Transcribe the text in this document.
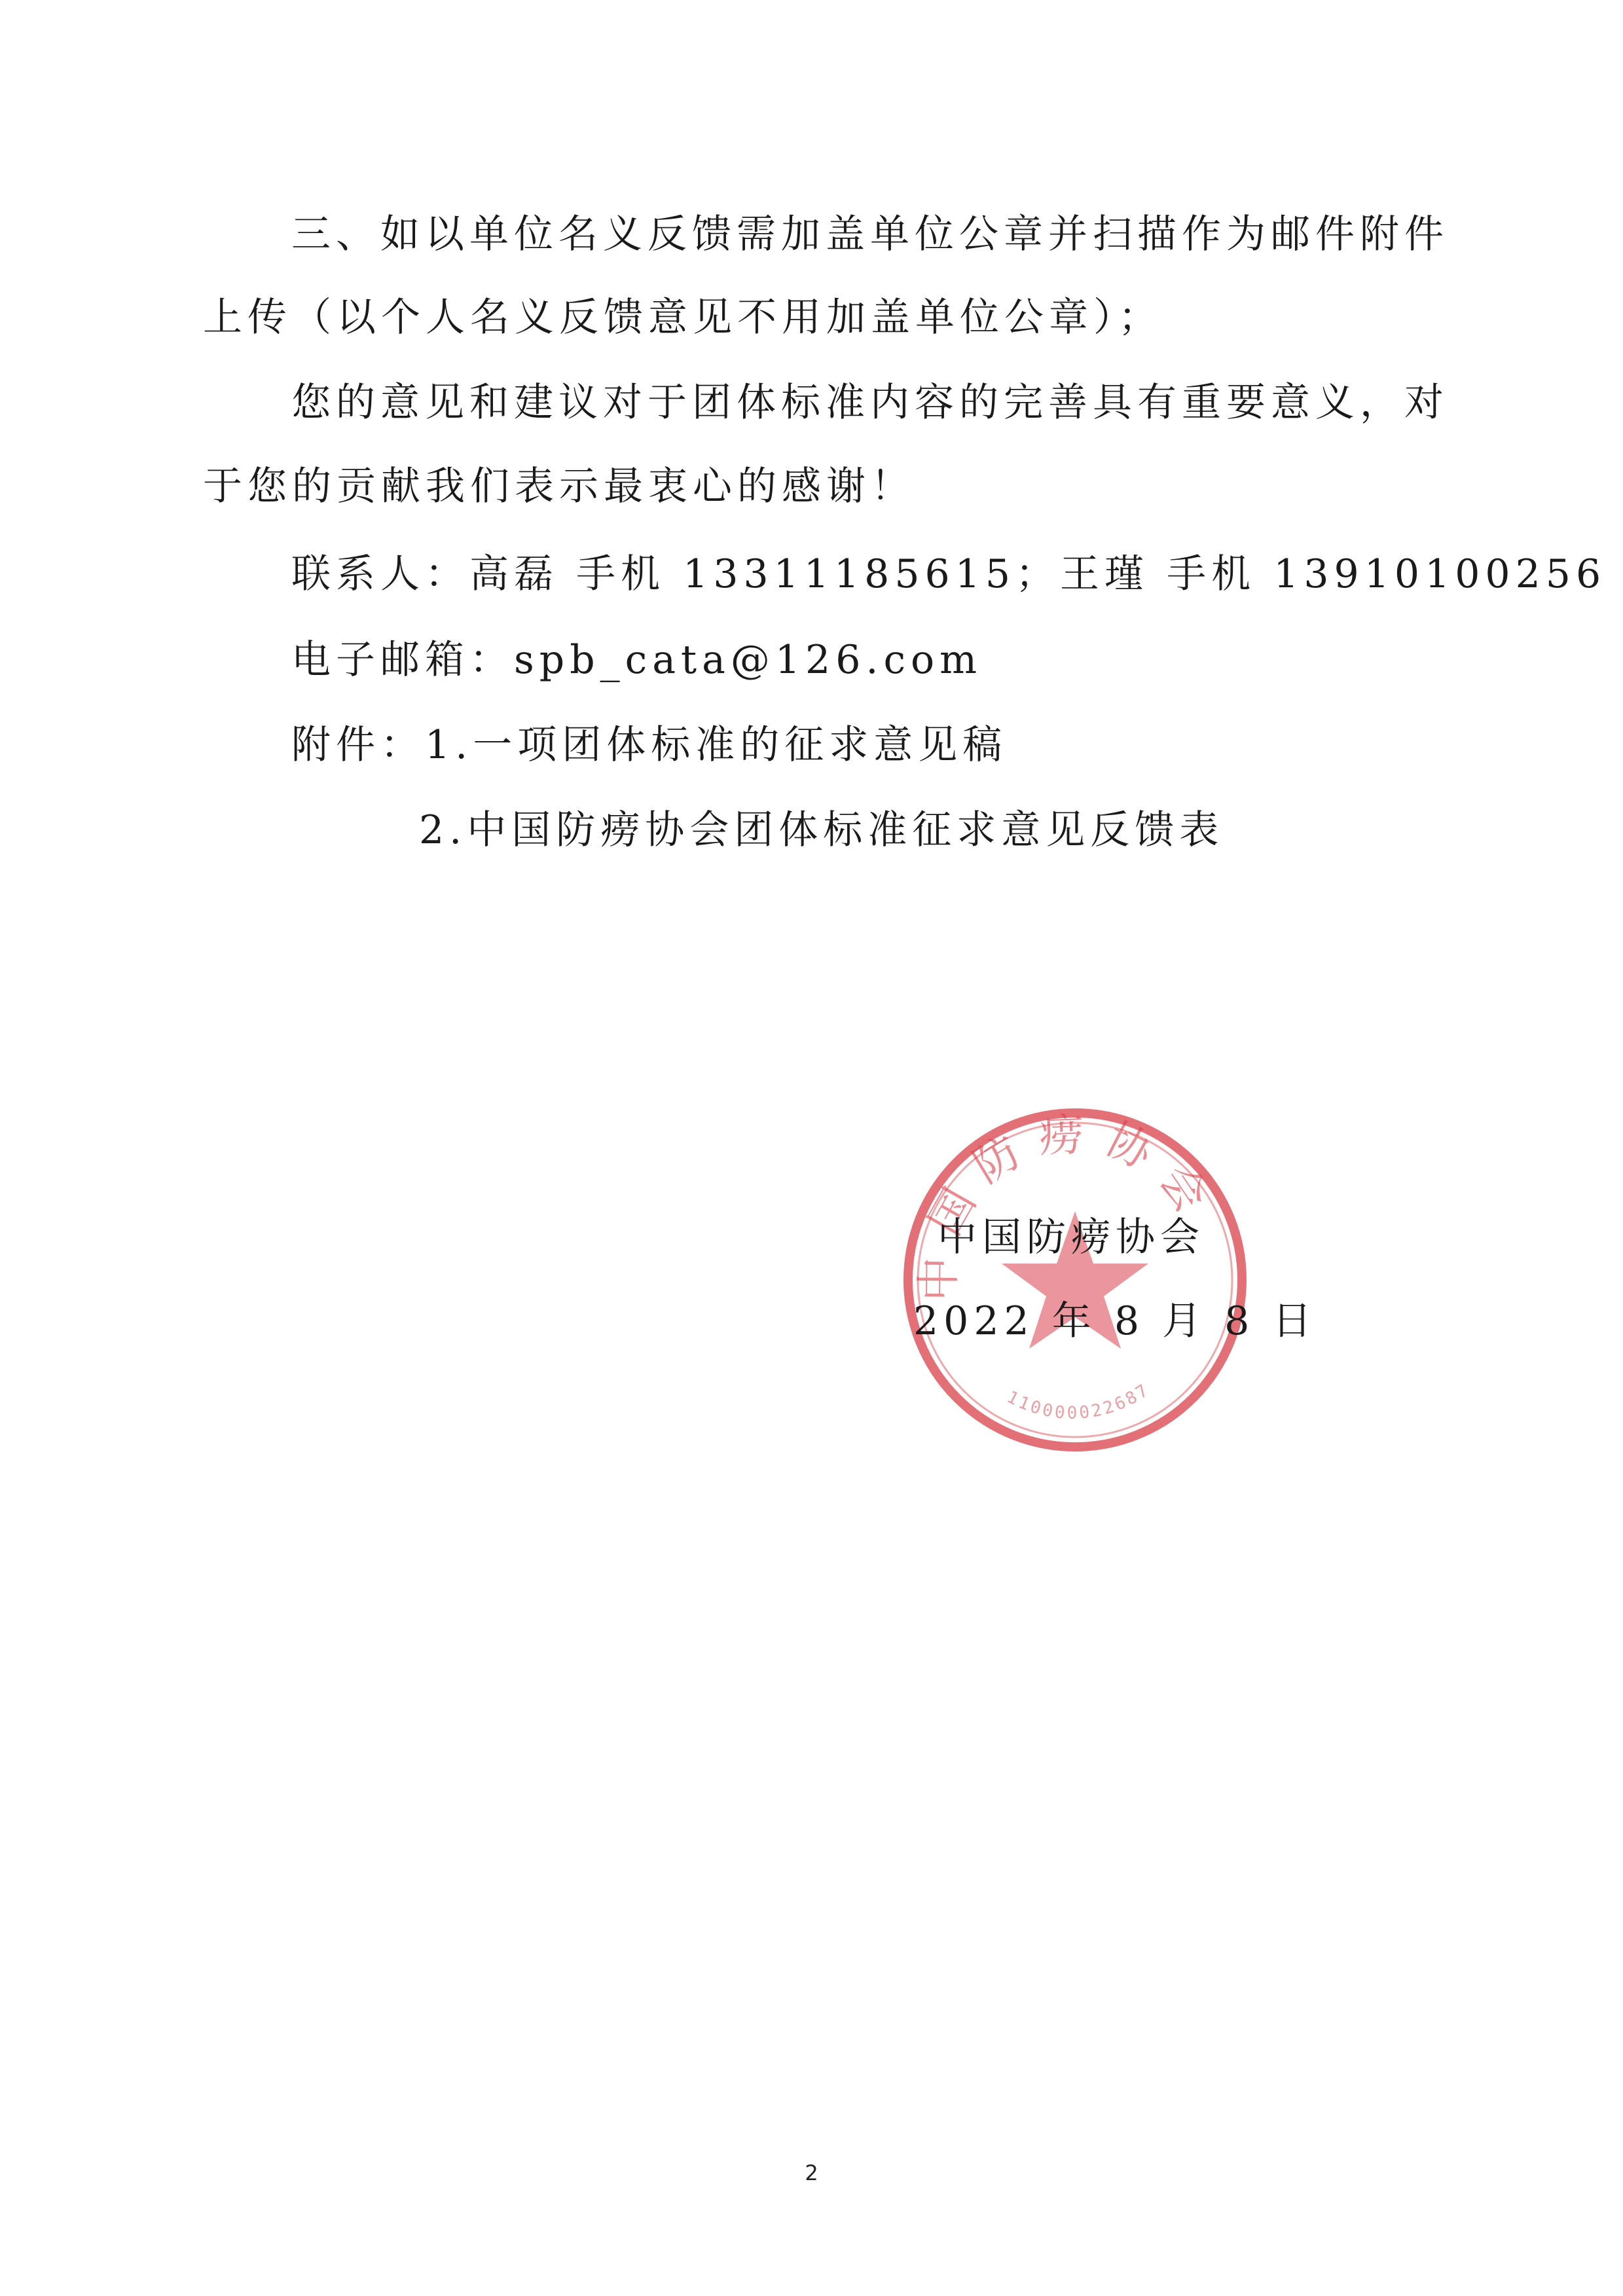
三、如以单位名义反馈需加盖单位公章并扫描作为邮件附件
上传（以个人名义反馈意见不用加盖单位公章）；
您的意见和建议对于团体标准内容的完善具有重要意义，对
于您的贡献我们表示最衷心的感谢！
联系人：高磊 手机 13311185615；王瑾 手机 13910100256
电子邮箱：spb_cata@126.com
附件：1.一项团体标准的征求意见稿
2.中国防痨协会团体标准征求意见反馈表
中国防痨协会
110000022687
中国防痨协会
2022 年 8 月 8 日
2
